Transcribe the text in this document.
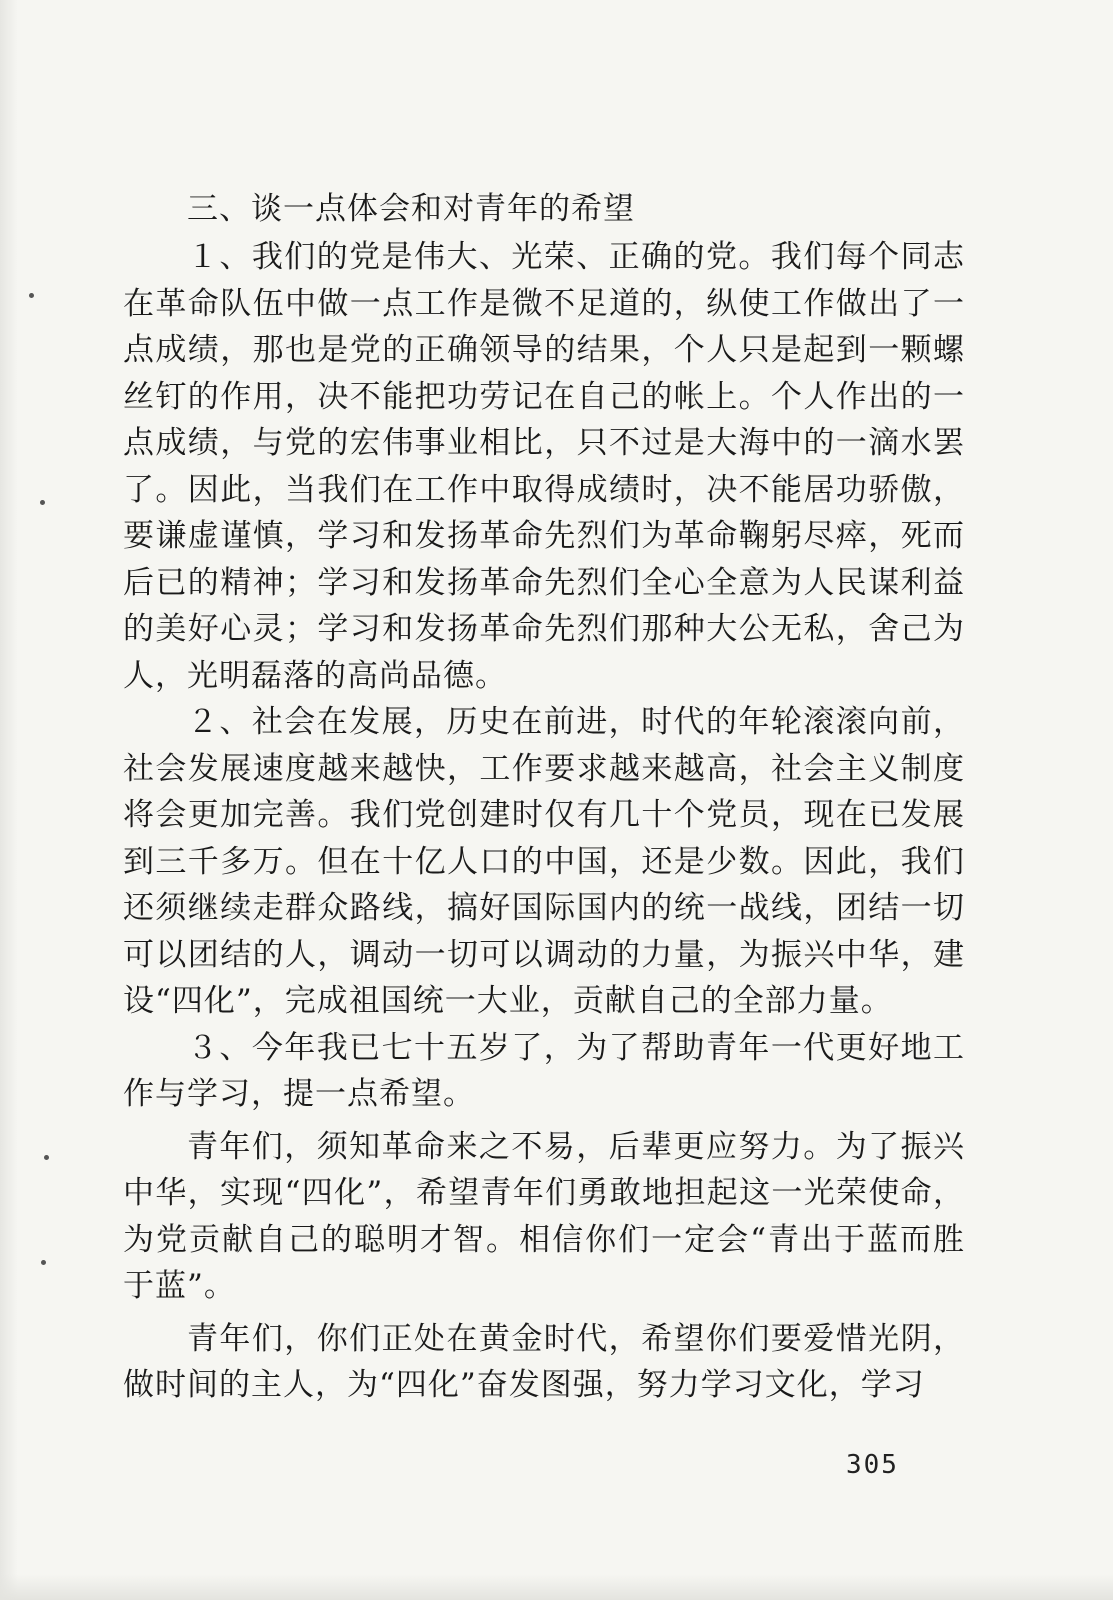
三、谈一点体会和对青年的希望

１、我们的党是伟大、光荣、正确的党。我们每个同志在革命队伍中做一点工作是微不足道的，纵使工作做出了一点成绩，那也是党的正确领导的结果，个人只是起到一颗螺丝钉的作用，决不能把功劳记在自己的帐上。个人作出的一点成绩，与党的宏伟事业相比，只不过是大海中的一滴水罢了。因此，当我们在工作中取得成绩时，决不能居功骄傲，要谦虚谨慎，学习和发扬革命先烈们为革命鞠躬尽瘁，死而后已的精神；学习和发扬革命先烈们全心全意为人民谋利益的美好心灵；学习和发扬革命先烈们那种大公无私，舍己为人，光明磊落的高尚品德。

２、社会在发展，历史在前进，时代的年轮滚滚向前，社会发展速度越来越快，工作要求越来越高，社会主义制度将会更加完善。我们党创建时仅有几十个党员，现在已发展到三千多万。但在十亿人口的中国，还是少数。因此，我们还须继续走群众路线，搞好国际国内的统一战线，团结一切可以团结的人，调动一切可以调动的力量，为振兴中华，建设“四化”，完成祖国统一大业，贡献自己的全部力量。

３、今年我已七十五岁了，为了帮助青年一代更好地工作与学习，提一点希望。

青年们，须知革命来之不易，后辈更应努力。为了振兴中华，实现“四化”，希望青年们勇敢地担起这一光荣使命，为党贡献自己的聪明才智。相信你们一定会“青出于蓝而胜于蓝”。

青年们，你们正处在黄金时代，希望你们要爱惜光阴，做时间的主人，为“四化”奋发图强，努力学习文化，学习

305
